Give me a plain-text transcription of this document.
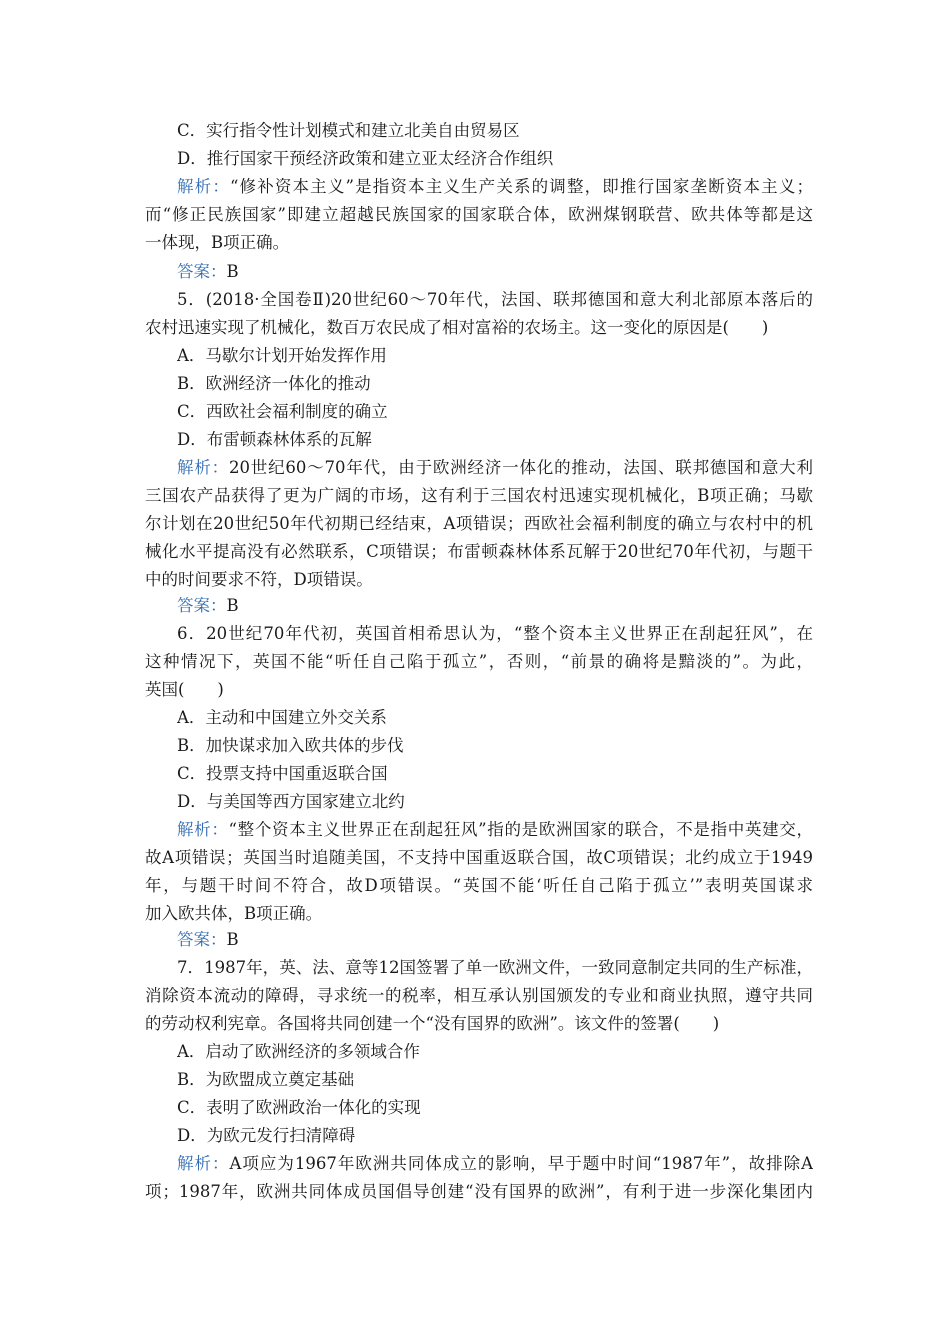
C．实行指令性计划模式和建立北美自由贸易区
D．推行国家干预经济政策和建立亚太经济合作组织
解析：“修补资本主义”是指资本主义生产关系的调整，即推行国家垄断资本主义；
而“修正民族国家”即建立超越民族国家的国家联合体，欧洲煤钢联营、欧共体等都是这
一体现，B项正确。
答案：B
5．(2018·全国卷Ⅱ)20世纪60～70年代，法国、联邦德国和意大利北部原本落后的
农村迅速实现了机械化，数百万农民成了相对富裕的农场主。这一变化的原因是(　　)
A．马歇尔计划开始发挥作用
B．欧洲经济一体化的推动
C．西欧社会福利制度的确立
D．布雷顿森林体系的瓦解
解析：20世纪60～70年代，由于欧洲经济一体化的推动，法国、联邦德国和意大利
三国农产品获得了更为广阔的市场，这有利于三国农村迅速实现机械化，B项正确；马歇
尔计划在20世纪50年代初期已经结束，A项错误；西欧社会福利制度的确立与农村中的机
械化水平提高没有必然联系，C项错误；布雷顿森林体系瓦解于20世纪70年代初，与题干
中的时间要求不符，D项错误。
答案：B
6．20世纪70年代初，英国首相希思认为，“整个资本主义世界正在刮起狂风”，在
这种情况下，英国不能“听任自己陷于孤立”，否则，“前景的确将是黯淡的”。为此，
英国(　　)
A．主动和中国建立外交关系
B．加快谋求加入欧共体的步伐
C．投票支持中国重返联合国
D．与美国等西方国家建立北约
解析：“整个资本主义世界正在刮起狂风”指的是欧洲国家的联合，不是指中英建交，
故A项错误；英国当时追随美国，不支持中国重返联合国，故C项错误；北约成立于1949
年，与题干时间不符合，故D项错误。“英国不能‘听任自己陷于孤立’”表明英国谋求
加入欧共体，B项正确。
答案：B
7．1987年，英、法、意等12国签署了单一欧洲文件，一致同意制定共同的生产标准，
消除资本流动的障碍，寻求统一的税率，相互承认别国颁发的专业和商业执照，遵守共同
的劳动权利宪章。各国将共同创建一个“没有国界的欧洲”。该文件的签署(　　)
A．启动了欧洲经济的多领域合作
B．为欧盟成立奠定基础
C．表明了欧洲政治一体化的实现
D．为欧元发行扫清障碍
解析：A项应为1967年欧洲共同体成立的影响，早于题中时间“1987年”，故排除A
项；1987年，欧洲共同体成员国倡导创建“没有国界的欧洲”，有利于进一步深化集团内
